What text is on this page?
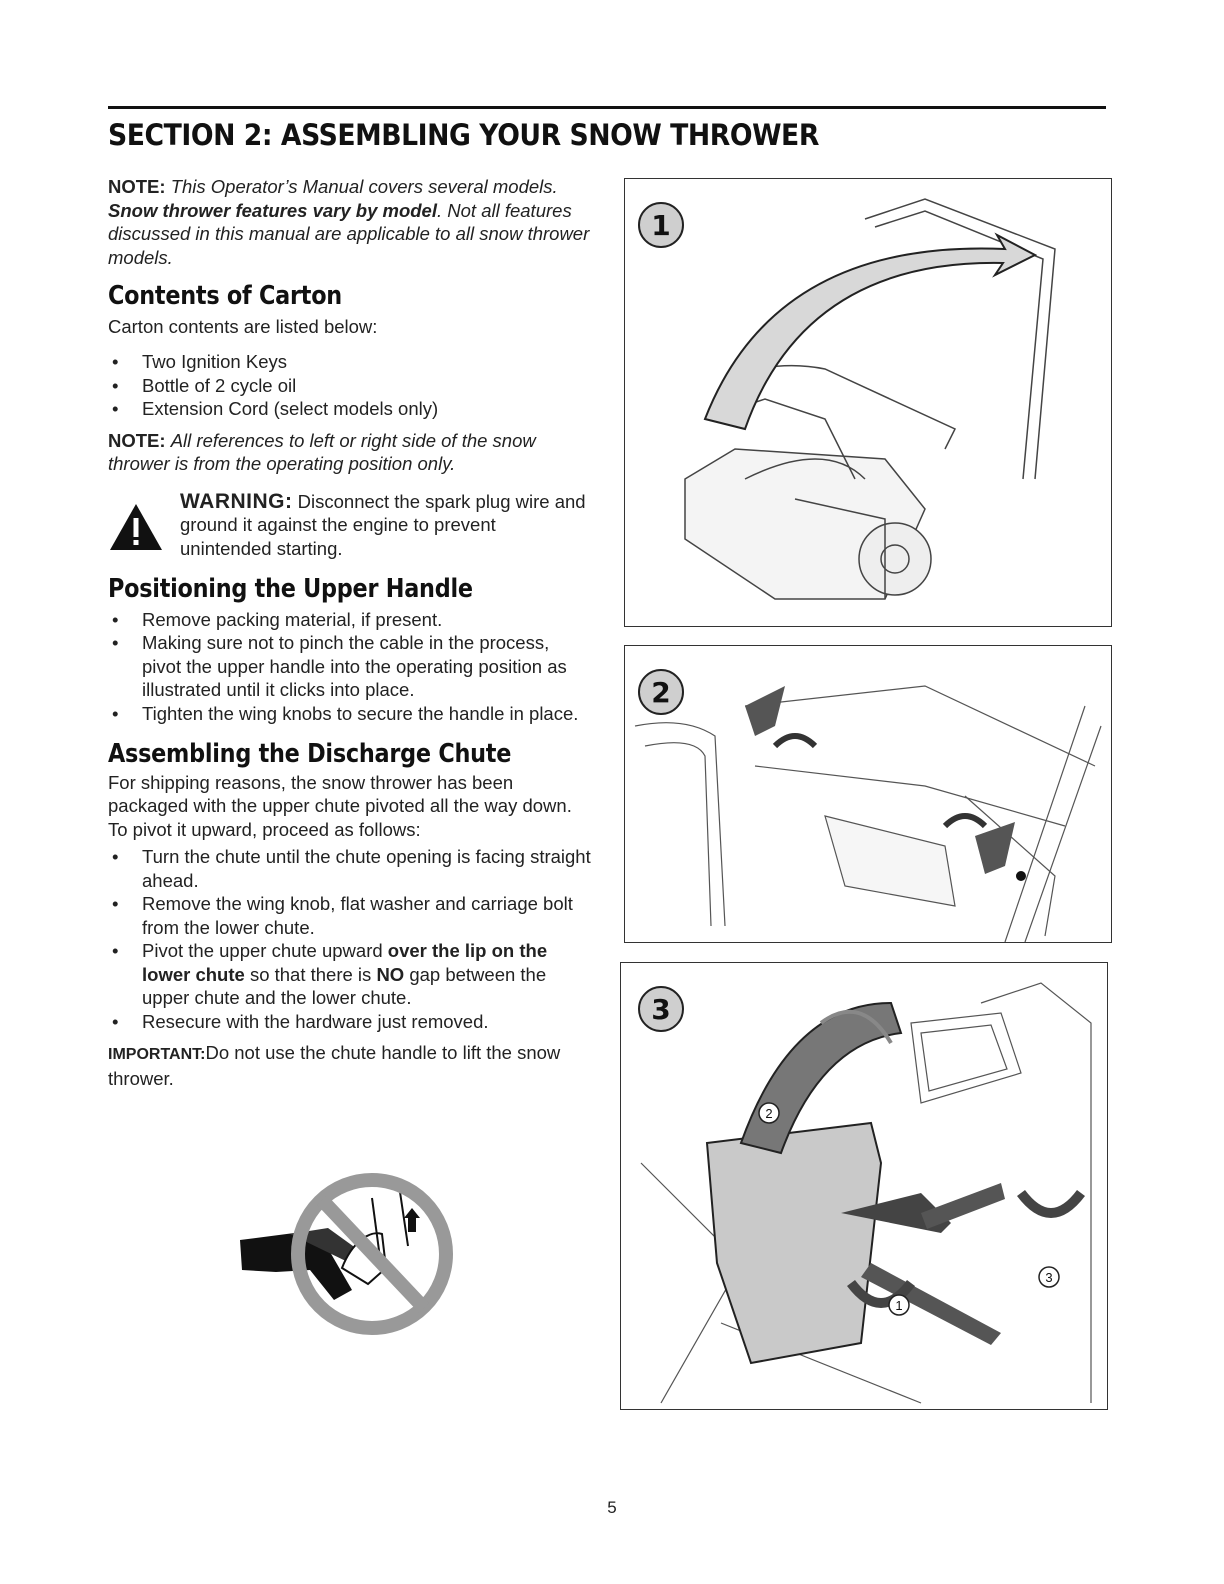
SECTION 2: ASSEMBLING YOUR SNOW THROWER

NOTE: This Operator’s Manual covers several models. Snow thrower features vary by model. Not all features discussed in this manual are applicable to all snow thrower models.

Contents of Carton

Carton contents are listed below:

• Two Ignition Keys
• Bottle of 2 cycle oil
• Extension Cord (select models only)

NOTE: All references to left or right side of the snow thrower is from the operating position only.

WARNING: Disconnect the spark plug wire and ground it against the engine to prevent unintended starting.

Positioning the Upper Handle
• Remove packing material, if present.
• Making sure not to pinch the cable in the process, pivot the upper handle into the operating position as illustrated until it clicks into place.
• Tighten the wing knobs to secure the handle in place.
Assembling the Discharge Chute

For shipping reasons, the snow thrower has been packaged with the upper chute pivoted all the way down. To pivot it upward, proceed as follows:

• Turn the chute until the chute opening is facing straight ahead.
• Remove the wing knob, flat washer and carriage bolt from the lower chute.
• Pivot the upper chute upward over the lip on the lower chute so that there is NO gap between the upper chute and the lower chute.
• Resecure with the hardware just removed.

IMPORTANT:Do not use the chute handle to lift the snow thrower.

1
2
2
1
3
3
5
